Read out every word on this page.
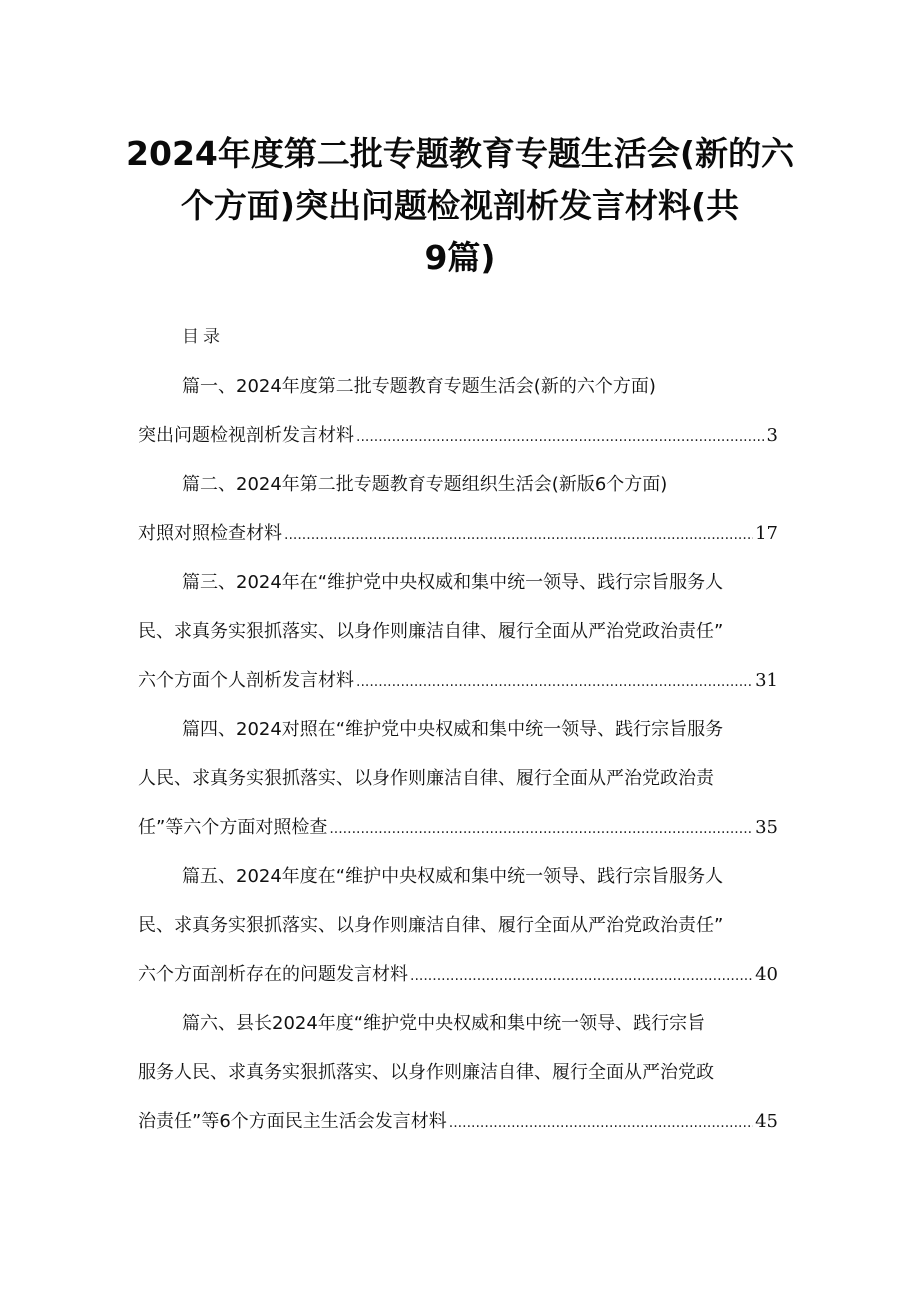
2024年度第二批专题教育专题生活会(新的六
个方面)突出问题检视剖析发言材料(共
9篇)
目录
篇一、2024年度第二批专题教育专题生活会(新的六个方面)
突出问题检视剖析发言材料 .....	3
篇二、2024年第二批专题教育专题组织生活会(新版6个方面)
对照对照检查材料 .....	17
篇三、2024年在“维护党中央权威和集中统一领导、践行宗旨服务人
民、求真务实狠抓落实、以身作则廉洁自律、履行全面从严治党政治责任”
六个方面个人剖析发言材料 .....	31
篇四、2024对照在“维护党中央权威和集中统一领导、践行宗旨服务
人民、求真务实狠抓落实、以身作则廉洁自律、履行全面从严治党政治责
任”等六个方面对照检查 .....	35
篇五、2024年度在“维护中央权威和集中统一领导、践行宗旨服务人
民、求真务实狠抓落实、以身作则廉洁自律、履行全面从严治党政治责任”
六个方面剖析存在的问题发言材料 .....	40
篇六、县长2024年度“维护党中央权威和集中统一领导、践行宗旨
服务人民、求真务实狠抓落实、以身作则廉洁自律、履行全面从严治党政
治责任”等6个方面民主生活会发言材料 .....	45
